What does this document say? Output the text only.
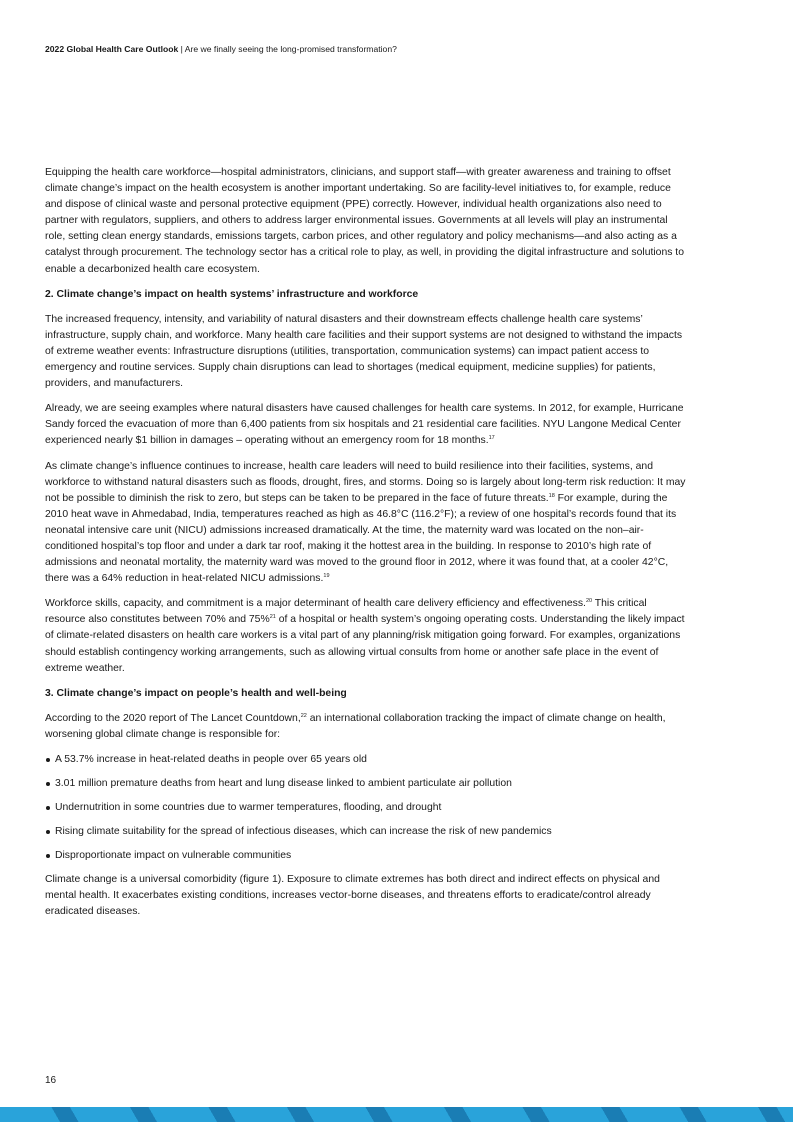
2022 Global Health Care Outlook | Are we finally seeing the long-promised transformation?

Equipping the health care workforce—hospital administrators, clinicians, and support staff—with greater awareness and training to offset climate change’s impact on the health ecosystem is another important undertaking. So are facility-level initiatives to, for example, reduce and dispose of clinical waste and personal protective equipment (PPE) correctly. However, individual health organizations also need to partner with regulators, suppliers, and others to address larger environmental issues. Governments at all levels will play an instrumental role, setting clean energy standards, emissions targets, carbon prices, and other regulatory and policy mechanisms—and also acting as a catalyst through procurement. The technology sector has a critical role to play, as well, in providing the digital infrastructure and solutions to enable a decarbonized health care ecosystem.

2. Climate change’s impact on health systems’ infrastructure and workforce

The increased frequency, intensity, and variability of natural disasters and their downstream effects challenge health care systems’ infrastructure, supply chain, and workforce. Many health care facilities and their support systems are not designed to withstand the impacts of extreme weather events: Infrastructure disruptions (utilities, transportation, communication systems) can impact patient access to emergency and routine services. Supply chain disruptions can lead to shortages (medical equipment, medicine supplies) for patients, providers, and manufacturers.

Already, we are seeing examples where natural disasters have caused challenges for health care systems. In 2012, for example, Hurricane Sandy forced the evacuation of more than 6,400 patients from six hospitals and 21 residential care facilities. NYU Langone Medical Center experienced nearly $1 billion in damages – operating without an emergency room for 18 months.$^{17}$

As climate change’s influence continues to increase, health care leaders will need to build resilience into their facilities, systems, and workforce to withstand natural disasters such as floods, drought, fires, and storms. Doing so is largely about long-term risk reduction: It may not be possible to diminish the risk to zero, but steps can be taken to be prepared in the face of future threats.$^{18}$ For example, during the 2010 heat wave in Ahmedabad, India, temperatures reached as high as 46.8°C (116.2°F); a review of one hospital’s records found that its neonatal intensive care unit (NICU) admissions increased dramatically. At the time, the maternity ward was located on the non–air-conditioned hospital’s top floor and under a dark tar roof, making it the hottest area in the building. In response to 2010’s high rate of admissions and neonatal mortality, the maternity ward was moved to the ground floor in 2012, where it was found that, at a cooler 42°C, there was a 64% reduction in heat-related NICU admissions.$^{19}$

Workforce skills, capacity, and commitment is a major determinant of health care delivery efficiency and effectiveness.$^{20}$ This critical resource also constitutes between 70% and 75%$^{21}$ of a hospital or health system’s ongoing operating costs. Understanding the likely impact of climate-related disasters on health care workers is a vital part of any planning/risk mitigation going forward. For examples, organizations should establish contingency working arrangements, such as allowing virtual consults from home or another safe place in the event of extreme weather.

3. Climate change’s impact on people’s health and well-being

According to the 2020 report of The Lancet Countdown,$^{22}$ an international collaboration tracking the impact of climate change on health, worsening global climate change is responsible for:

A 53.7% increase in heat-related deaths in people over 65 years old
3.01 million premature deaths from heart and lung disease linked to ambient particulate air pollution
Undernutrition in some countries due to warmer temperatures, flooding, and drought
Rising climate suitability for the spread of infectious diseases, which can increase the risk of new pandemics
Disproportionate impact on vulnerable communities

Climate change is a universal comorbidity (figure 1). Exposure to climate extremes has both direct and indirect effects on physical and mental health. It exacerbates existing conditions, increases vector-borne diseases, and threatens efforts to eradicate/control already eradicated diseases.

16
